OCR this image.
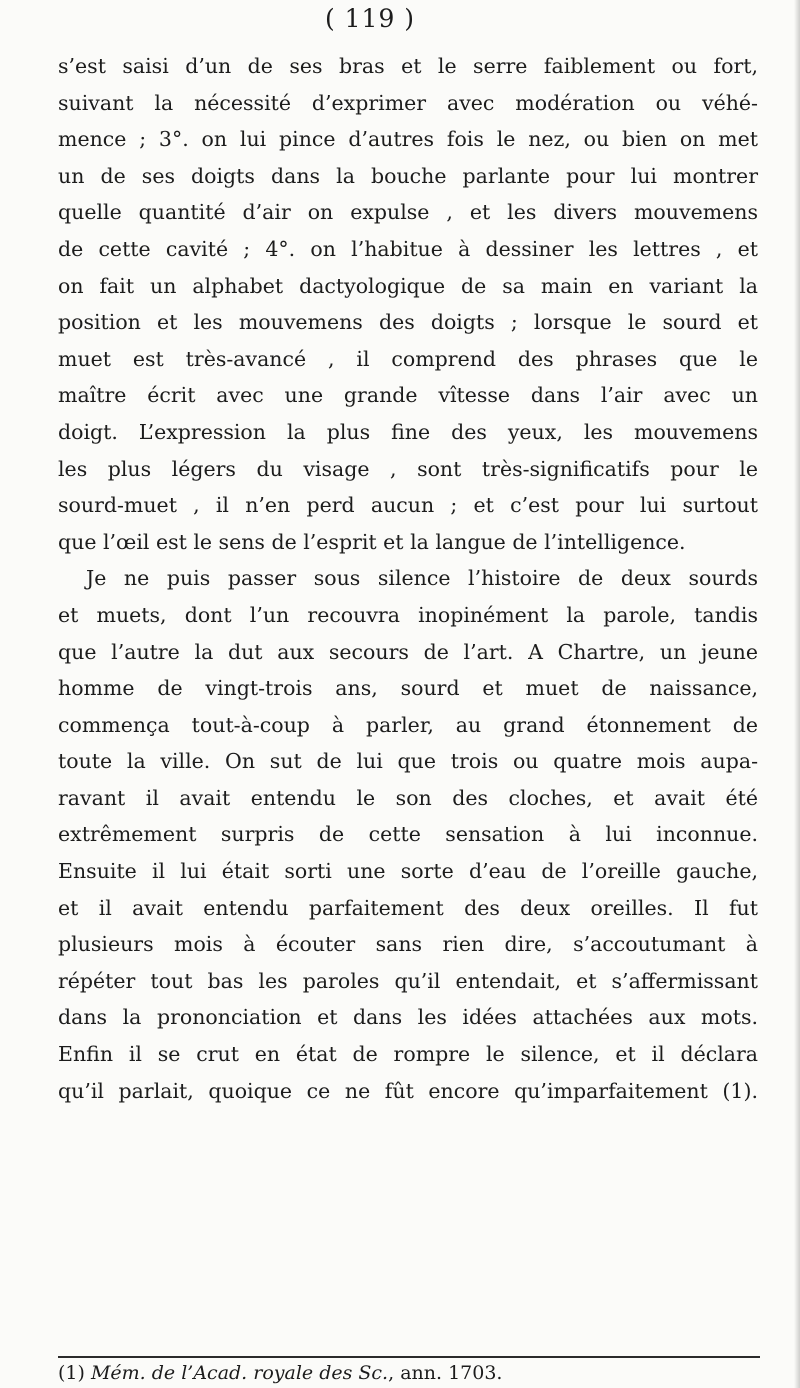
( 119 )
s’est saisi d’un de ses bras et le serre faiblement ou fort,
suivant la nécessité d’exprimer avec modération ou véhé-
mence ; 3°. on lui pince d’autres fois le nez, ou bien on met
un de ses doigts dans la bouche parlante pour lui montrer
quelle quantité d’air on expulse , et les divers mouvemens
de cette cavité ; 4°. on l’habitue à dessiner les lettres , et
on fait un alphabet dactyologique de sa main en variant la
position et les mouvemens des doigts ; lorsque le sourd et
muet est très-avancé , il comprend des phrases que le
maître écrit avec une grande vîtesse dans l’air avec un
doigt. L’expression la plus fine des yeux, les mouvemens
les plus légers du visage , sont très-significatifs pour le
sourd-muet , il n’en perd aucun ; et c’est pour lui surtout
que l’œil est le sens de l’esprit et la langue de l’intelligence.
Je ne puis passer sous silence l’histoire de deux sourds
et muets, dont l’un recouvra inopinément la parole, tandis
que l’autre la dut aux secours de l’art. A Chartre, un jeune
homme de vingt-trois ans, sourd et muet de naissance,
commença tout-à-coup à parler, au grand étonnement de
toute la ville. On sut de lui que trois ou quatre mois aupa-
ravant il avait entendu le son des cloches, et avait été
extrêmement surpris de cette sensation à lui inconnue.
Ensuite il lui était sorti une sorte d’eau de l’oreille gauche,
et il avait entendu parfaitement des deux oreilles. Il fut
plusieurs mois à écouter sans rien dire, s’accoutumant à
répéter tout bas les paroles qu’il entendait, et s’affermissant
dans la prononciation et dans les idées attachées aux mots.
Enfin il se crut en état de rompre le silence, et il déclara
qu’il parlait, quoique ce ne fût encore qu’imparfaitement (1).
(1) Mém. de l’Acad. royale des Sc., ann. 1703.
